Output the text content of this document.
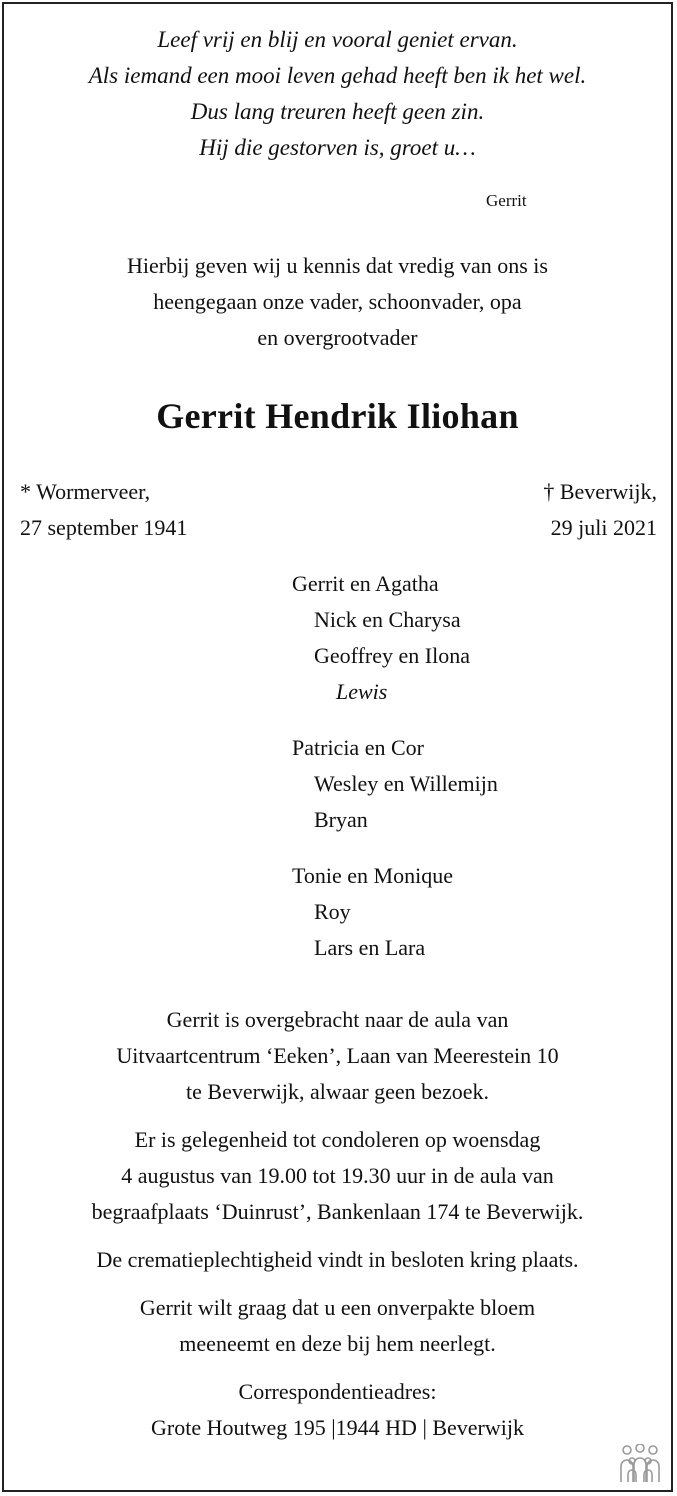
Leef vrij en blij en vooral geniet ervan.
Als iemand een mooi leven gehad heeft ben ik het wel.
Dus lang treuren heeft geen zin.
Hij die gestorven is, groet u…
Gerrit
Hierbij geven wij u kennis dat vredig van ons is
heengegaan onze vader, schoonvader, opa
en overgrootvader
Gerrit Hendrik Iliohan
* Wormerveer,
27 september 1941
† Beverwijk,
29 juli 2021
Gerrit en Agatha
Nick en Charysa
Geoffrey en Ilona
Lewis
Patricia en Cor
Wesley en Willemijn
Bryan
Tonie en Monique
Roy
Lars en Lara
Gerrit is overgebracht naar de aula van
Uitvaartcentrum ‘Eeken’, Laan van Meerestein 10
te Beverwijk, alwaar geen bezoek.
Er is gelegenheid tot condoleren op woensdag
4 augustus van 19.00 tot 19.30 uur in de aula van
begraafplaats ‘Duinrust’, Bankenlaan 174 te Beverwijk.
De crematieplechtigheid vindt in besloten kring plaats.
Gerrit wilt graag dat u een onverpakte bloem
meeneemt en deze bij hem neerlegt.
Correspondentieadres:
Grote Houtweg 195 |1944 HD | Beverwijk
